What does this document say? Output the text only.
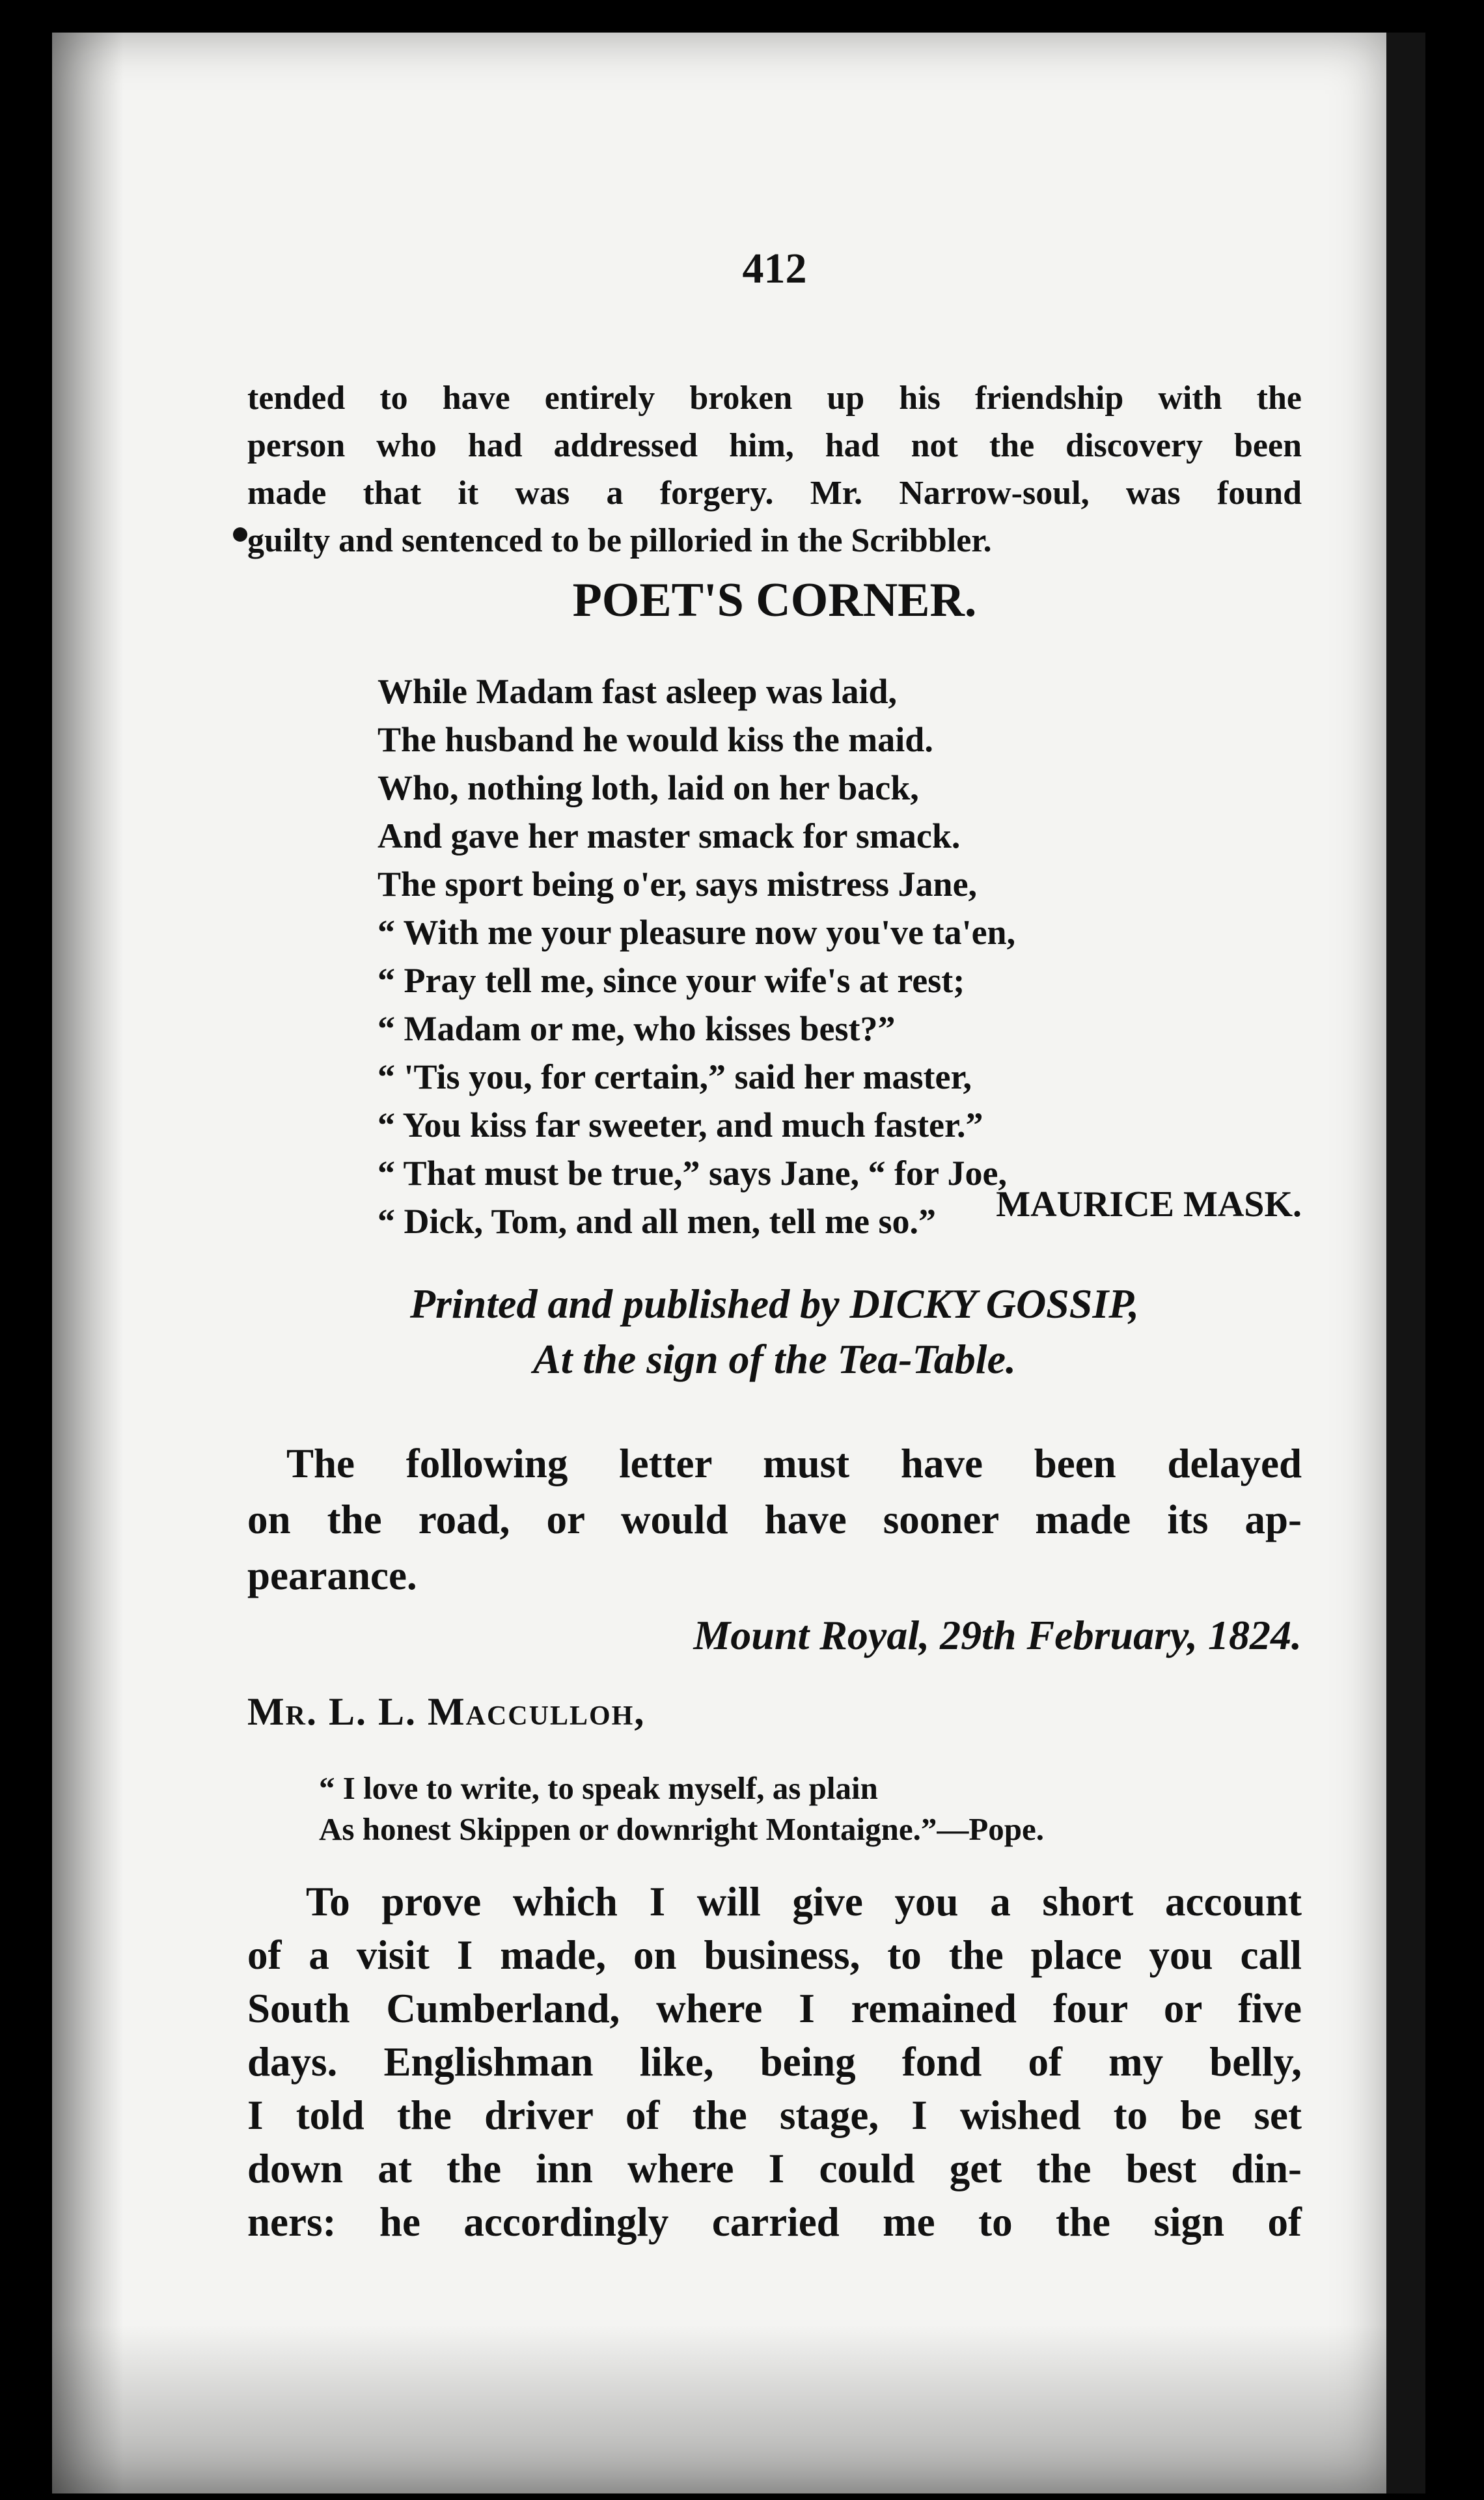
412
tended to have entirely broken up his friendship with the
person who had addressed him, had not the discovery been
made that it was a forgery. Mr. Narrow-soul, was found
guilty and sentenced to be pilloried in the Scribbler.
POET'S CORNER.
While Madam fast asleep was laid,
The husband he would kiss the maid.
Who, nothing loth, laid on her back,
And gave her master smack for smack.
The sport being o'er, says mistress Jane,
“ With me your pleasure now you've ta'en,
“ Pray tell me, since your wife's at rest;
“ Madam or me, who kisses best?”
“ 'Tis you, for certain,” said her master,
“ You kiss far sweeter, and much faster.”
“ That must be true,” says Jane, “ for Joe,
“ Dick, Tom, and all men, tell me so.”	MAURICE MASK.
Printed and published by DICKY GOSSIP,
At the sign of the Tea-Table.
The following letter must have been delayed
on the road, or would have sooner made its ap-
pearance.
Mount Royal, 29th February, 1824.
Mr. L. L. Macculloh,
“ I love to write, to speak myself, as plain
As honest Skippen or downright Montaigne.”—Pope.
To prove which I will give you a short account
of a visit I made, on business, to the place you call
South Cumberland, where I remained four or five
days. Englishman like, being fond of my belly,
I told the driver of the stage, I wished to be set
down at the inn where I could get the best din-
ners: he accordingly carried me to the sign of
